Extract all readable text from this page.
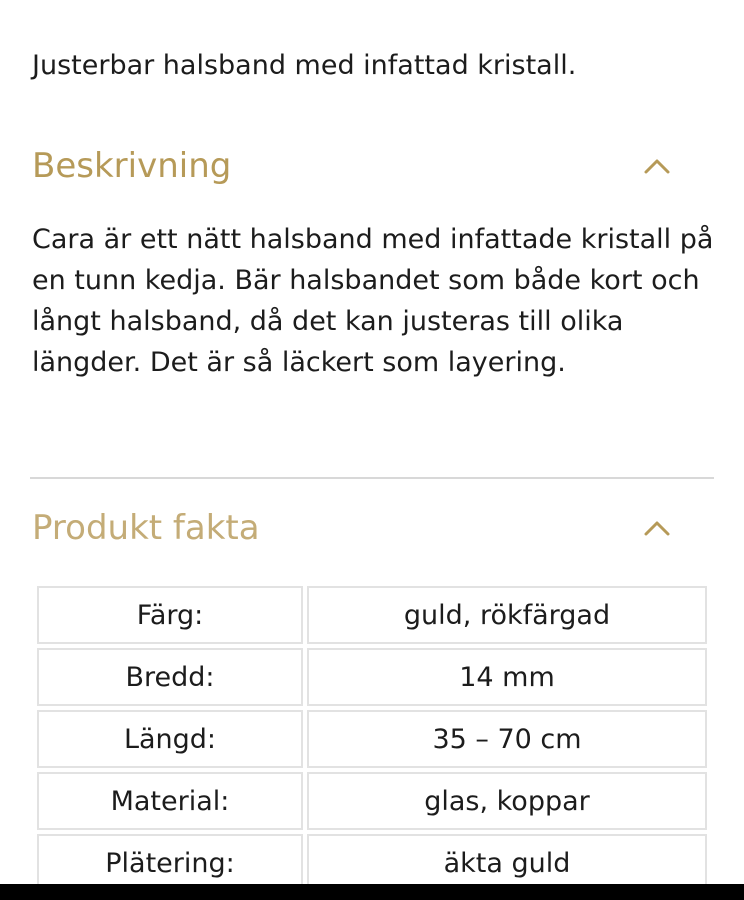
Justerbar halsband med infattad kristall.

Beskrivning

Cara är ett nätt halsband med infattade kristall på en tunn kedja. Bär halsbandet som både kort och långt halsband, då det kan justeras till olika längder. Det är så läckert som layering.

Produkt fakta
Färg:	guld, rökfärgad
Bredd:	14 mm
Längd:	35 – 70 cm
Material:	glas, koppar
Plätering:	äkta guld
